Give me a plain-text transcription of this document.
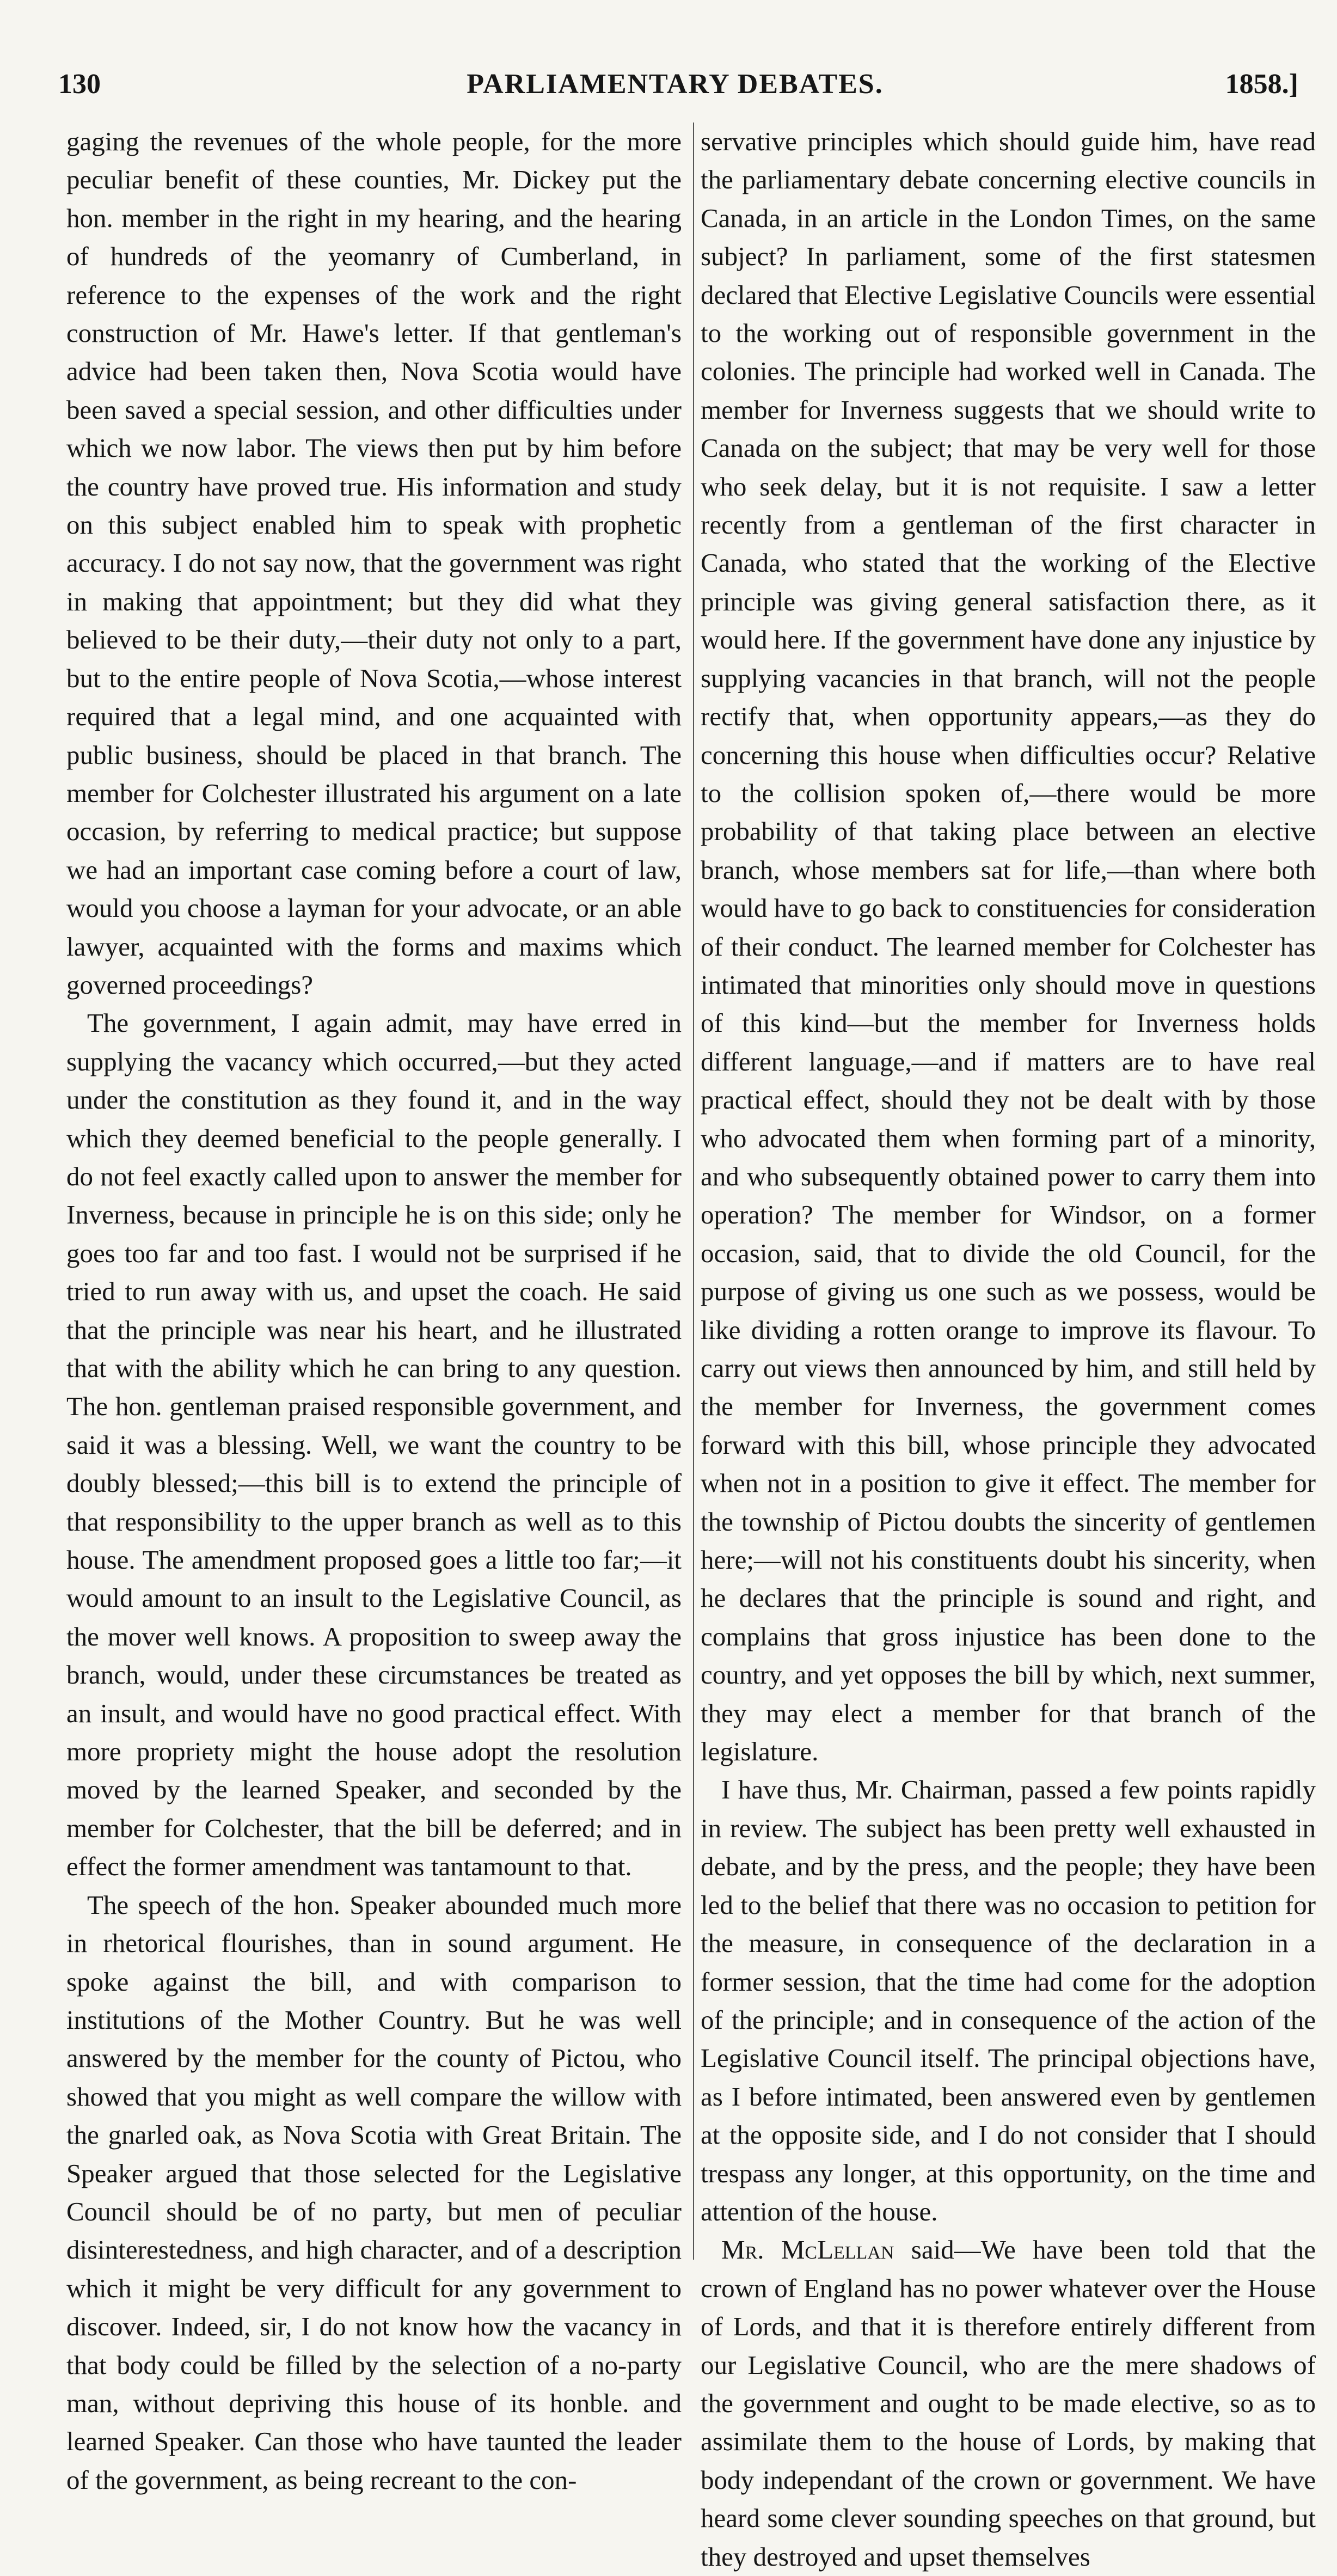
130	PARLIAMENTARY DEBATES.	1858.]

gaging the revenues of the whole people, for the more peculiar benefit of these counties, Mr. Dickey put the hon. member in the right in my hearing, and the hearing of hundreds of the yeomanry of Cumberland, in reference to the expenses of the work and the right construction of Mr. Hawe's letter. If that gentleman's advice had been taken then, Nova Scotia would have been saved a special session, and other difficulties under which we now labor. The views then put by him before the country have proved true. His information and study on this subject enabled him to speak with prophetic accuracy. I do not say now, that the government was right in making that appointment; but they did what they believed to be their duty,—their duty not only to a part, but to the entire people of Nova Scotia,—whose interest required that a legal mind, and one acquainted with public business, should be placed in that branch. The member for Colchester illustrated his argument on a late occasion, by referring to medical practice; but suppose we had an important case coming before a court of law, would you choose a layman for your advocate, or an able lawyer, acquainted with the forms and maxims which governed proceedings?

The government, I again admit, may have erred in supplying the vacancy which occurred,—but they acted under the constitution as they found it, and in the way which they deemed beneficial to the people generally. I do not feel exactly called upon to answer the member for Inverness, because in principle he is on this side; only he goes too far and too fast. I would not be surprised if he tried to run away with us, and upset the coach. He said that the principle was near his heart, and he illustrated that with the ability which he can bring to any question. The hon. gentleman praised responsible government, and said it was a blessing. Well, we want the country to be doubly blessed;—this bill is to extend the principle of that responsibility to the upper branch as well as to this house. The amendment proposed goes a little too far;—it would amount to an insult to the Legislative Council, as the mover well knows. A proposition to sweep away the branch, would, under these circumstances be treated as an insult, and would have no good practical effect. With more propriety might the house adopt the resolution moved by the learned Speaker, and seconded by the member for Colchester, that the bill be deferred; and in effect the former amendment was tantamount to that.

The speech of the hon. Speaker abounded much more in rhetorical flourishes, than in sound argument. He spoke against the bill, and with comparison to institutions of the Mother Country. But he was well answered by the member for the county of Pictou, who showed that you might as well compare the willow with the gnarled oak, as Nova Scotia with Great Britain. The Speaker argued that those selected for the Legislative Council should be of no party, but men of peculiar disinterestedness, and high character, and of a description which it might be very difficult for any government to discover. Indeed, sir, I do not know how the vacancy in that body could be filled by the selection of a no-party man, without depriving this house of its honble. and learned Speaker. Can those who have taunted the leader of the government, as being recreant to the con-

servative principles which should guide him, have read the parliamentary debate concerning elective councils in Canada, in an article in the London Times, on the same subject? In parliament, some of the first statesmen declared that Elective Legislative Councils were essential to the working out of responsible government in the colonies. The principle had worked well in Canada. The member for Inverness suggests that we should write to Canada on the subject; that may be very well for those who seek delay, but it is not requisite. I saw a letter recently from a gentleman of the first character in Canada, who stated that the working of the Elective principle was giving general satisfaction there, as it would here. If the government have done any injustice by supplying vacancies in that branch, will not the people rectify that, when opportunity appears,—as they do concerning this house when difficulties occur? Relative to the collision spoken of,—there would be more probability of that taking place between an elective branch, whose members sat for life,—than where both would have to go back to constituencies for consideration of their conduct. The learned member for Colchester has intimated that minorities only should move in questions of this kind—but the member for Inverness holds different language,—and if matters are to have real practical effect, should they not be dealt with by those who advocated them when forming part of a minority, and who subsequently obtained power to carry them into operation? The member for Windsor, on a former occasion, said, that to divide the old Council, for the purpose of giving us one such as we possess, would be like dividing a rotten orange to improve its flavour. To carry out views then announced by him, and still held by the member for Inverness, the government comes forward with this bill, whose principle they advocated when not in a position to give it effect. The member for the township of Pictou doubts the sincerity of gentlemen here;—will not his constituents doubt his sincerity, when he declares that the principle is sound and right, and complains that gross injustice has been done to the country, and yet opposes the bill by which, next summer, they may elect a member for that branch of the legislature.

I have thus, Mr. Chairman, passed a few points rapidly in review. The subject has been pretty well exhausted in debate, and by the press, and the people; they have been led to the belief that there was no occasion to petition for the measure, in consequence of the declaration in a former session, that the time had come for the adoption of the principle; and in consequence of the action of the Legislative Council itself. The principal objections have, as I before intimated, been answered even by gentlemen at the opposite side, and I do not consider that I should trespass any longer, at this opportunity, on the time and attention of the house.

Mr. McLellan said—We have been told that the crown of England has no power whatever over the House of Lords, and that it is therefore entirely different from our Legislative Council, who are the mere shadows of the government and ought to be made elective, so as to assimilate them to the house of Lords, by making that body independant of the crown or government. We have heard some clever sounding speeches on that ground, but they destroyed and upset themselves
